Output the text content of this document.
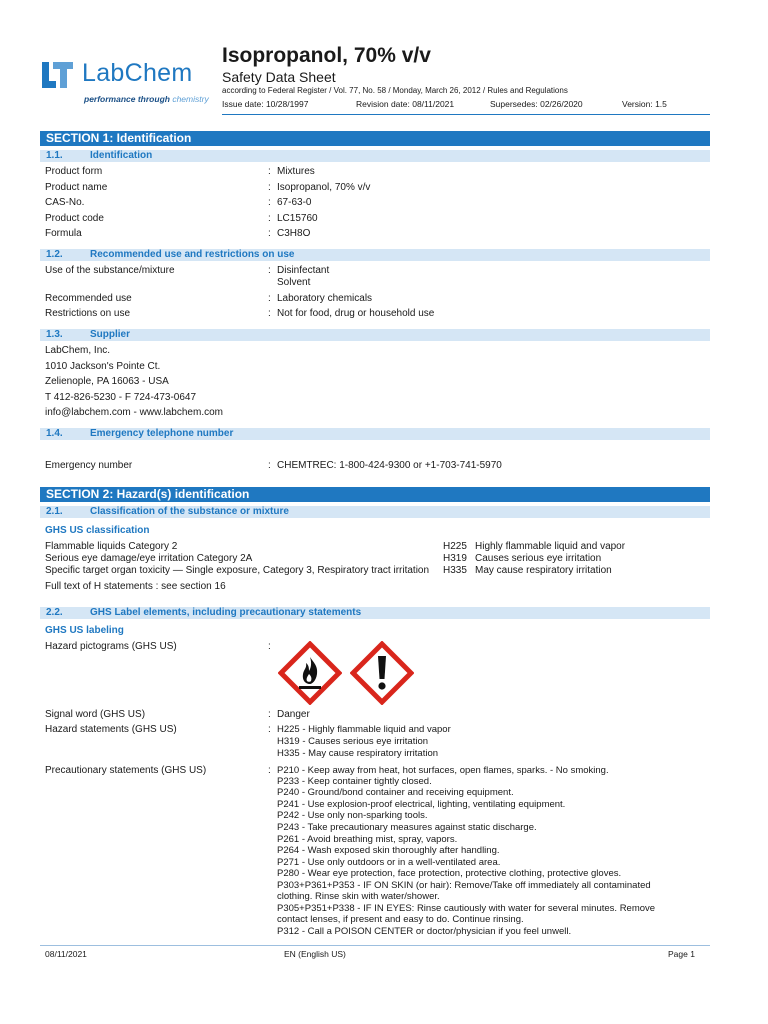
LabChem
performance through chemistry
Isopropanol, 70% v/v
Safety Data Sheet
according to Federal Register / Vol. 77, No. 58 / Monday, March 26, 2012 / Rules and Regulations
Issue date: 10/28/1997	Revision date: 08/11/2021	Supersedes: 02/26/2020	Version: 1.5
SECTION 1: Identification
1.1.	Identification
Product form	: Mixtures
Product name	: Isopropanol, 70% v/v
CAS-No.	: 67-63-0
Product code	: LC15760
Formula	: C3H8O
1.2.	Recommended use and restrictions on use
Use of the substance/mixture	: Disinfectant
Solvent
Recommended use	: Laboratory chemicals
Restrictions on use	: Not for food, drug or household use
1.3.	Supplier
LabChem, Inc.
1010 Jackson's Pointe Ct.
Zelienople, PA 16063 - USA
T 412-826-5230 - F 724-473-0647
info@labchem.com - www.labchem.com
1.4.	Emergency telephone number
Emergency number	: CHEMTREC: 1-800-424-9300 or +1-703-741-5970
SECTION 2: Hazard(s) identification
2.1.	Classification of the substance or mixture
GHS US classification
Flammable liquids Category 2	H225 Highly flammable liquid and vapor
Serious eye damage/eye irritation Category 2A	H319 Causes serious eye irritation
Specific target organ toxicity — Single exposure, Category 3, Respiratory tract irritation H335 May cause respiratory irritation
Full text of H statements : see section 16
2.2.	GHS Label elements, including precautionary statements
GHS US labeling
Hazard pictograms (GHS US)	:
Signal word (GHS US)	: Danger
Hazard statements (GHS US)	: H225 - Highly flammable liquid and vapor
H319 - Causes serious eye irritation
H335 - May cause respiratory irritation
Precautionary statements (GHS US)	: P210 - Keep away from heat, hot surfaces, open flames, sparks. - No smoking.
P233 - Keep container tightly closed.
P240 - Ground/bond container and receiving equipment.
P241 - Use explosion-proof electrical, lighting, ventilating equipment.
P242 - Use only non-sparking tools.
P243 - Take precautionary measures against static discharge.
P261 - Avoid breathing mist, spray, vapors.
P264 - Wash exposed skin thoroughly after handling.
P271 - Use only outdoors or in a well-ventilated area.
P280 - Wear eye protection, face protection, protective clothing, protective gloves.
P303+P361+P353 - IF ON SKIN (or hair): Remove/Take off immediately all contaminated
clothing. Rinse skin with water/shower.
P305+P351+P338 - IF IN EYES: Rinse cautiously with water for several minutes. Remove
contact lenses, if present and easy to do. Continue rinsing.
P312 - Call a POISON CENTER or doctor/physician if you feel unwell.
08/11/2021	EN (English US)	Page 1
